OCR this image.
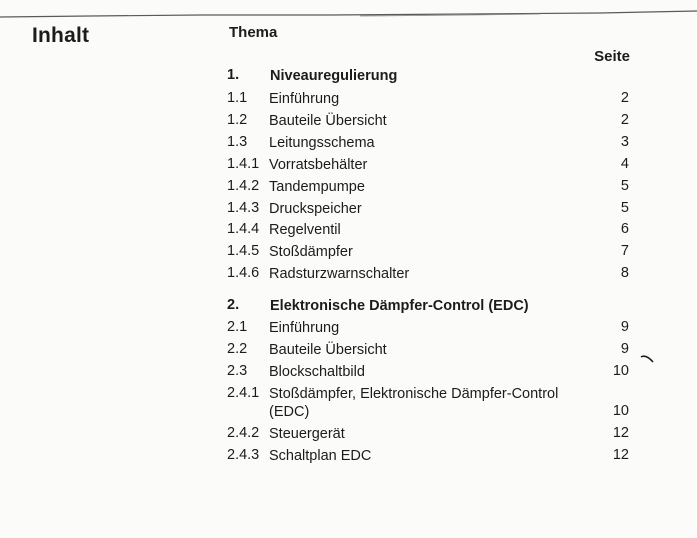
Inhalt	Thema
Seite
1. Niveauregulierung
1.1 Einführung	2
1.2 Bauteile Übersicht	2
1.3 Leitungsschema	3
1.4.1 Vorratsbehälter	4
1.4.2 Tandempumpe	5
1.4.3 Druckspeicher	5
1.4.4 Regelventil	6
1.4.5 Stoßdämpfer	7
1.4.6 Radsturzwarnschalter	8
2. Elektronische Dämpfer-Control (EDC)
2.1 Einführung	9
2.2 Bauteile Übersicht	9
2.3 Blockschaltbild	10
2.4.1 Stoßdämpfer, Elektronische Dämpfer-Control
(EDC)	10
2.4.2 Steuergerät	12
2.4.3 Schaltplan EDC	12
